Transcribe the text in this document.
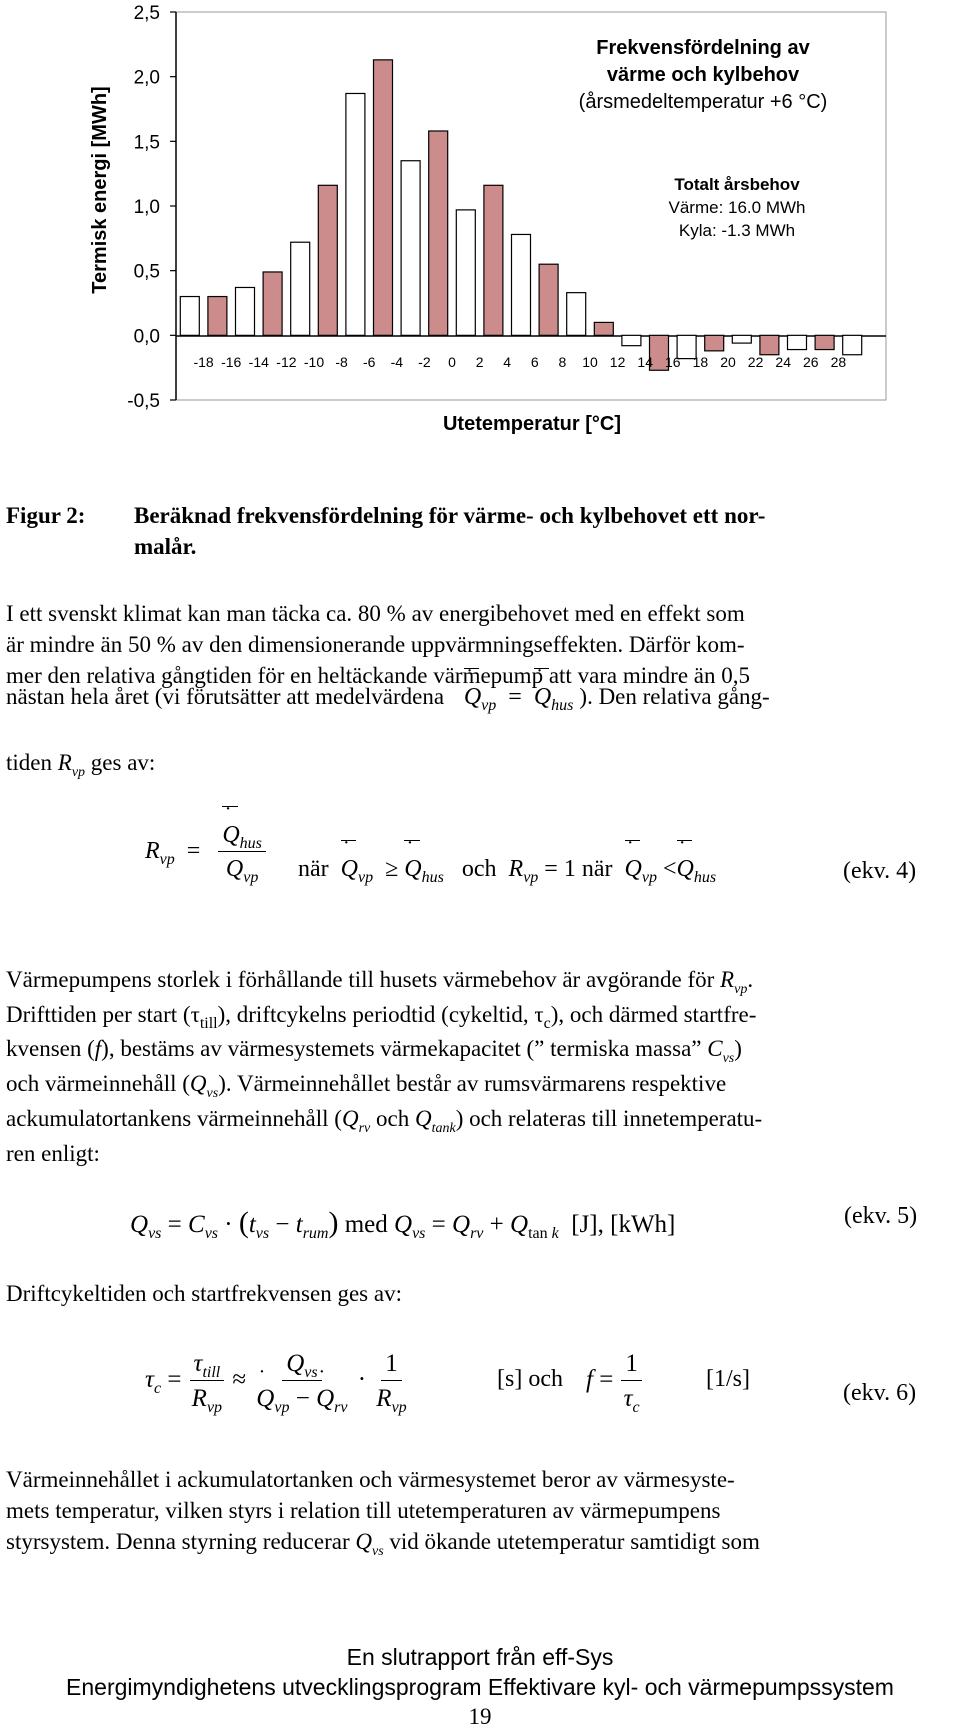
Termisk energi [MWh]
2,5
2,0
1,5
1,0
0,5
0,0
-0,5
-18 -16 -14 -12 -10 -8 -6 -4 -2 0 2 4 6 8 10 12 14 16 18 20 22 24 26 28
Utetemperatur [°C]
Frekvensfördelning av
värme och kylbehov
(årsmedeltemperatur +6 °C)
Totalt årsbehov
Värme: 16.0 MWh
Kyla: -1.3 MWh
Figur 2: Beräknad frekvensfördelning för värme- och kylbehovet ett nor-
malår.
I ett svenskt klimat kan man täcka ca. 80 % av energibehovet med en effekt som
är mindre än 50 % av den dimensionerande uppvärmningseffekten. Därför kom-
mer den relativa gångtiden för en heltäckande värmepump att vara mindre än 0,5
nästan hela året (vi förutsätter att medelvärdena ˙ $Q_{vp}$  =  ˙ $Q_{hus}$ ). Den relativa gång-
tiden $R_{vp}$ ges av:
$R_{vp}$  = ˙ $Q_{hus}$
˙ $Q_{vp}$ när ˙ $Q_{vp}$  ≥ ˙ $Q_{hus}$ och $R_{vp} = 1$ när ˙ $Q_{vp}$ <˙ $Q_{hus}$	(ekv. 4)
Värmepumpens storlek i förhållande till husets värmebehov är avgörande för $R_{vp}$.
Drifttiden per start $(\tau_{till})$, driftcykelns periodtid (cykeltid, $\tau_c$), och därmed startfre-
kvensen (f), bestäms av värmesystemets värmekapacitet (” termiska massa” $C_{vs}$)
och värmeinnehåll $(Q_{vs})$. Värmeinnehållet består av rumsvärmarens respektive
ackumulatortankens värmeinnehåll ($Q_{rv}$ och $Q_{tank}$) och relateras till innetemperatu-
ren enligt:
$Q_{vs} = C_{vs} \cdot (t_{vs} - t_{rum})$ med $Q_{vs} = Q_{rv} + Q_{tan k}$ [J], [kWh]	(ekv. 5)
Driftcykeltiden och startfrekvensen ges av:
$\tau_c = \frac{\tau_{till}}{R_{vp}} \approx Q_{vs}$
˙ $Q_{vp}$ − ˙ $Q_{rv} \cdot \frac{1}{R_{vp}}$	[s] och $f = \frac{1}{\tau_c}$	[1/s]
(ekv. 6)
Värmeinnehållet i ackumulatortanken och värmesystemet beror av värmesyste-
mets temperatur, vilken styrs i relation till utetemperaturen av värmepumpens
styrsystem. Denna styrning reducerar $Q_{vs}$ vid ökande utetemperatur samtidigt som
En slutrapport från eff-Sys
Energimyndighetens utvecklingsprogram Effektivare kyl- och värmepumpssystem
19
